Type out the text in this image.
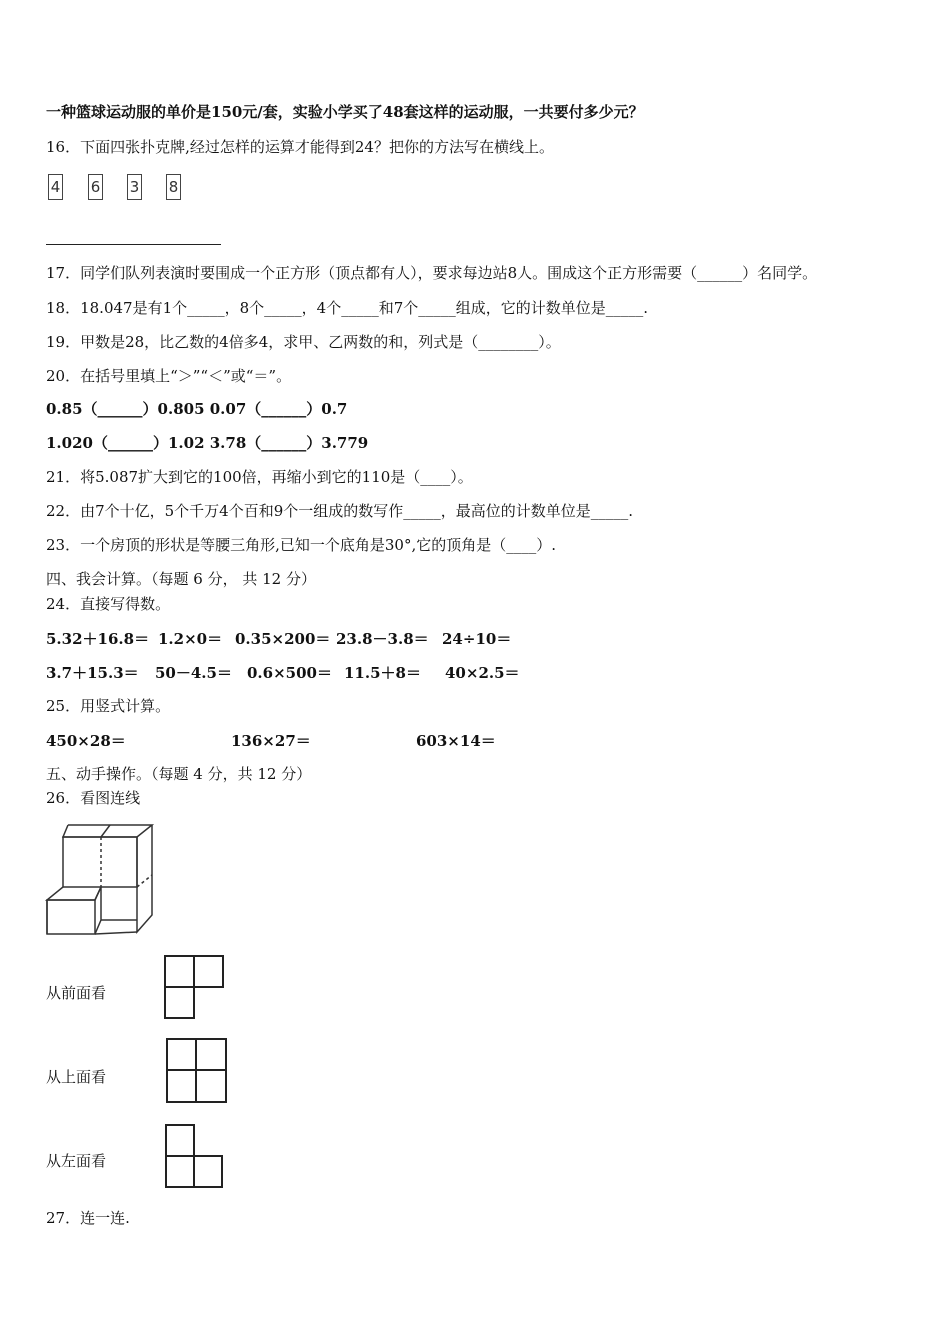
一种篮球运动服的单价是150元/套，实验小学买了48套这样的运动服，一共要付多少元？
16．下面四张扑克牌,经过怎样的运算才能得到24？把你的方法写在横线上。
4 6 3 8
17．同学们队列表演时要围成一个正方形（顶点都有人），要求每边站8人。围成这个正方形需要（______）名同学。
18．18.047是有1个_____，8个_____，4个_____和7个_____组成，它的计数单位是_____.
19．甲数是28，比乙数的4倍多4，求甲、乙两数的和，列式是（________）。
20．在括号里填上“＞”“＜”或“＝”。
0.85（______）0.805 0.07（______）0.7
1.020（______）1.02 3.78（______）3.779
21．将5.087扩大到它的100倍，再缩小到它的110是（____）。
22．由7个十亿，5个千万4个百和9个一组成的数写作_____，最高位的计数单位是_____.
23．一个房顶的形状是等腰三角形,已知一个底角是30°,它的顶角是（____）.
四、我会计算。（每题 6 分， 共 12 分）
24．直接写得数。
5.32＋16.8＝ 1.2×0＝ 0.35×200＝ 23.8－3.8＝ 24÷10＝
3.7＋15.3＝ 50－4.5＝ 0.6×500＝ 11.5＋8＝ 40×2.5＝
25．用竖式计算。
450×28＝	136×27＝	603×14＝
五、动手操作。（每题 4 分，共 12 分）
26．看图连线
从前面看
从上面看
从左面看
27．连一连.
